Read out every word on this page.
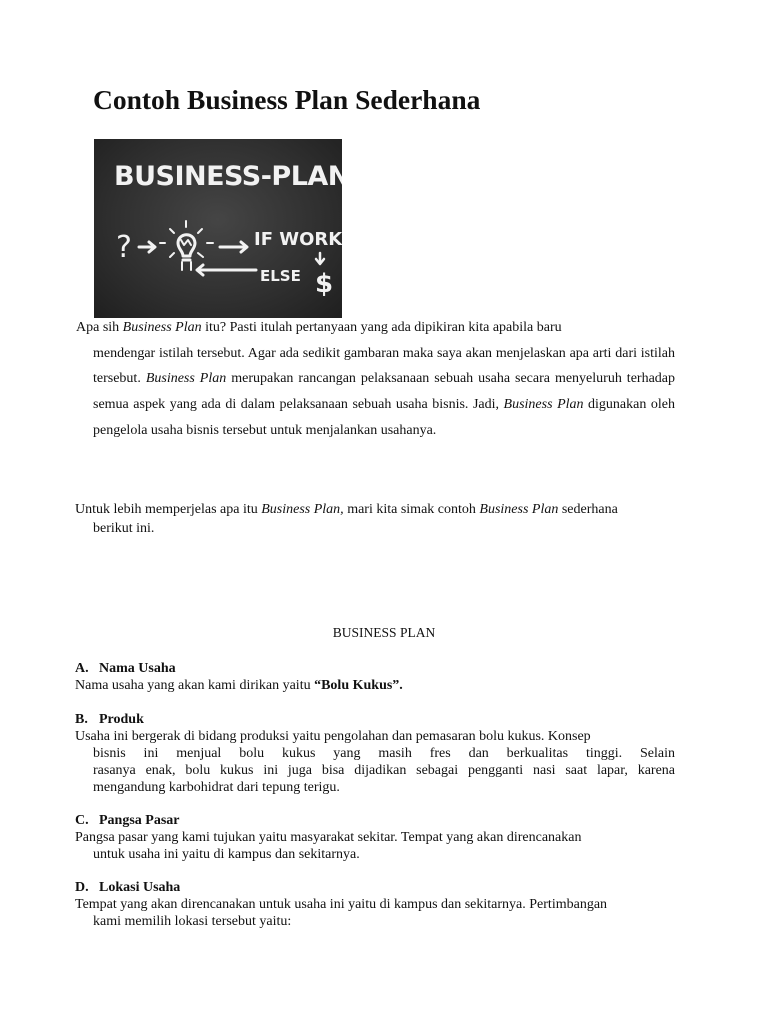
Contoh Business Plan Sederhana
BUSINESS-PLAN
?	IF WORK
ELSE $
Apa sih Business Plan itu? Pasti itulah pertanyaan yang ada dipikiran kita apabila baru
mendengar istilah tersebut. Agar ada sedikit gambaran maka saya akan menjelaskan apa arti dari istilah tersebut. Business Plan merupakan rancangan pelaksanaan sebuah usaha secara menyeluruh terhadap semua aspek yang ada di dalam pelaksanaan sebuah usaha bisnis. Jadi, Business Plan digunakan oleh pengelola usaha bisnis tersebut untuk menjalankan usahanya.
Untuk lebih memperjelas apa itu Business Plan, mari kita simak contoh Business Plan sederhana
berikut ini.
BUSINESS PLAN
A. Nama Usaha
Nama usaha yang akan kami dirikan yaitu “Bolu Kukus”.
B. Produk
Usaha ini bergerak di bidang produksi yaitu pengolahan dan pemasaran bolu kukus. Konsep
bisnis ini menjual bolu kukus yang masih fres dan berkualitas tinggi. Selain
rasanya enak, bolu kukus ini juga bisa dijadikan sebagai pengganti nasi saat lapar, karena
mengandung karbohidrat dari tepung terigu.
C. Pangsa Pasar
Pangsa pasar yang kami tujukan yaitu masyarakat sekitar. Tempat yang akan direncanakan
untuk usaha ini yaitu di kampus dan sekitarnya.
D. Lokasi Usaha
Tempat yang akan direncanakan untuk usaha ini yaitu di kampus dan sekitarnya. Pertimbangan
kami memilih lokasi tersebut yaitu:
